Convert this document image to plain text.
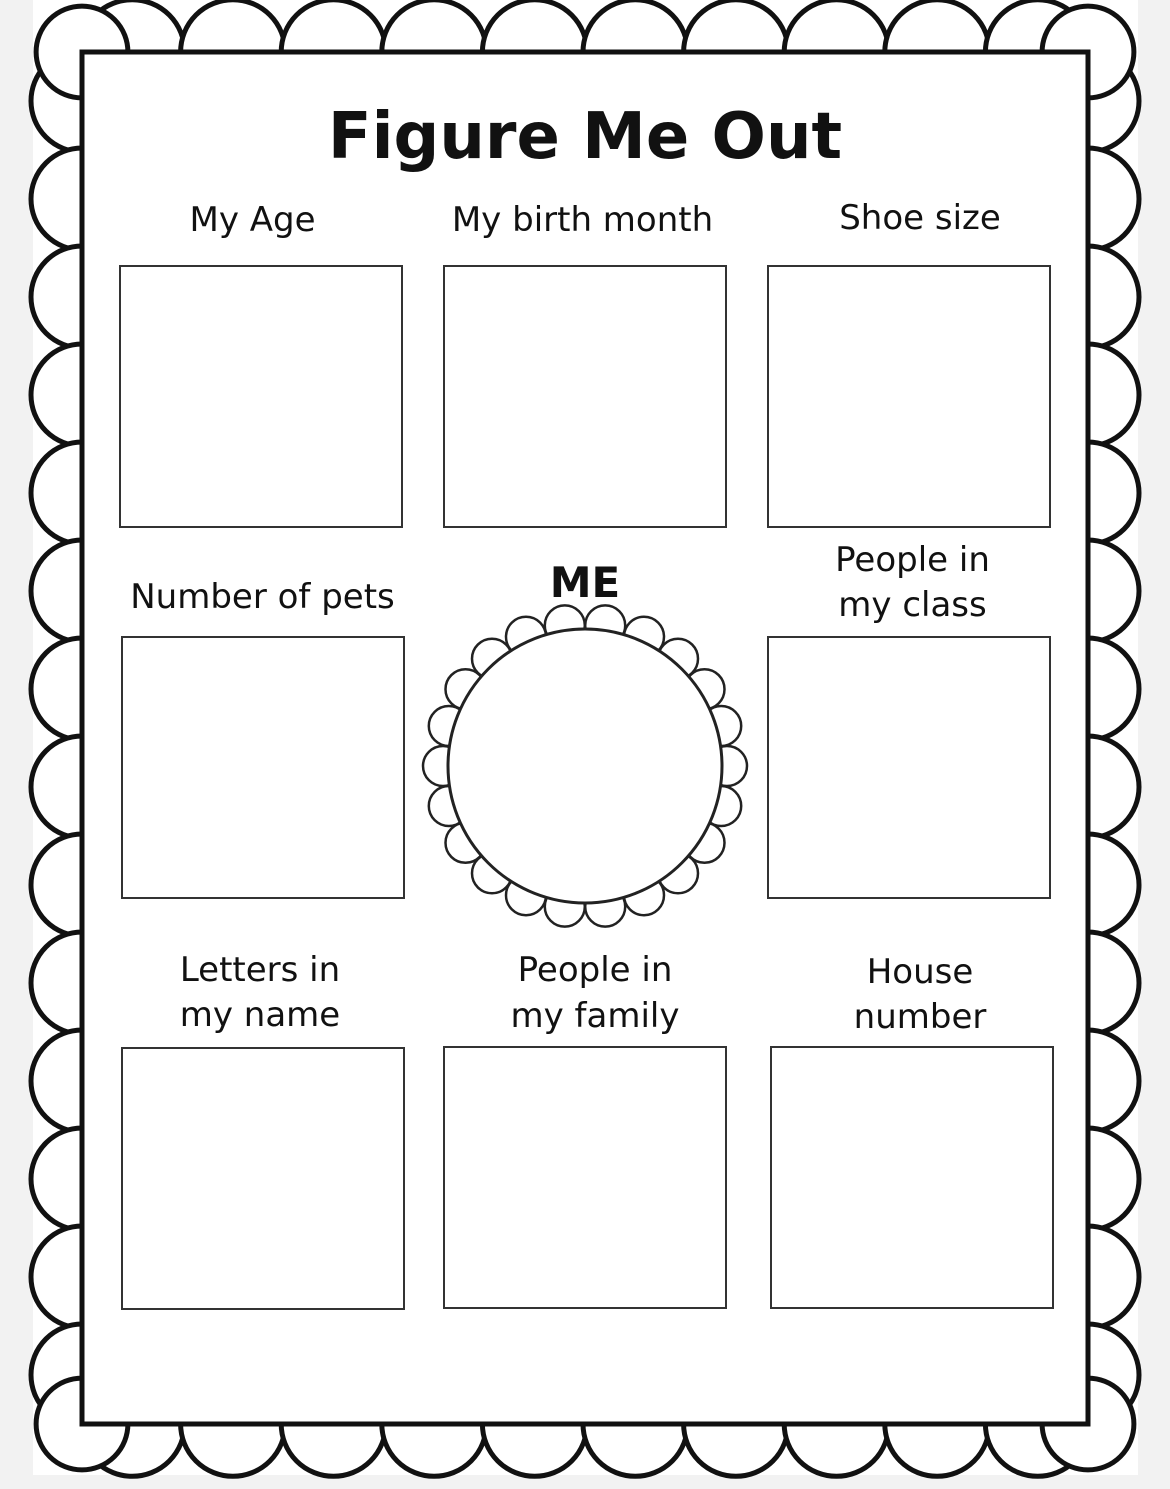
Figure Me Out
My Age	My birth month	Shoe size
Number of pets	ME	People in
my class
Letters in
my name
People in
my family
House
number
